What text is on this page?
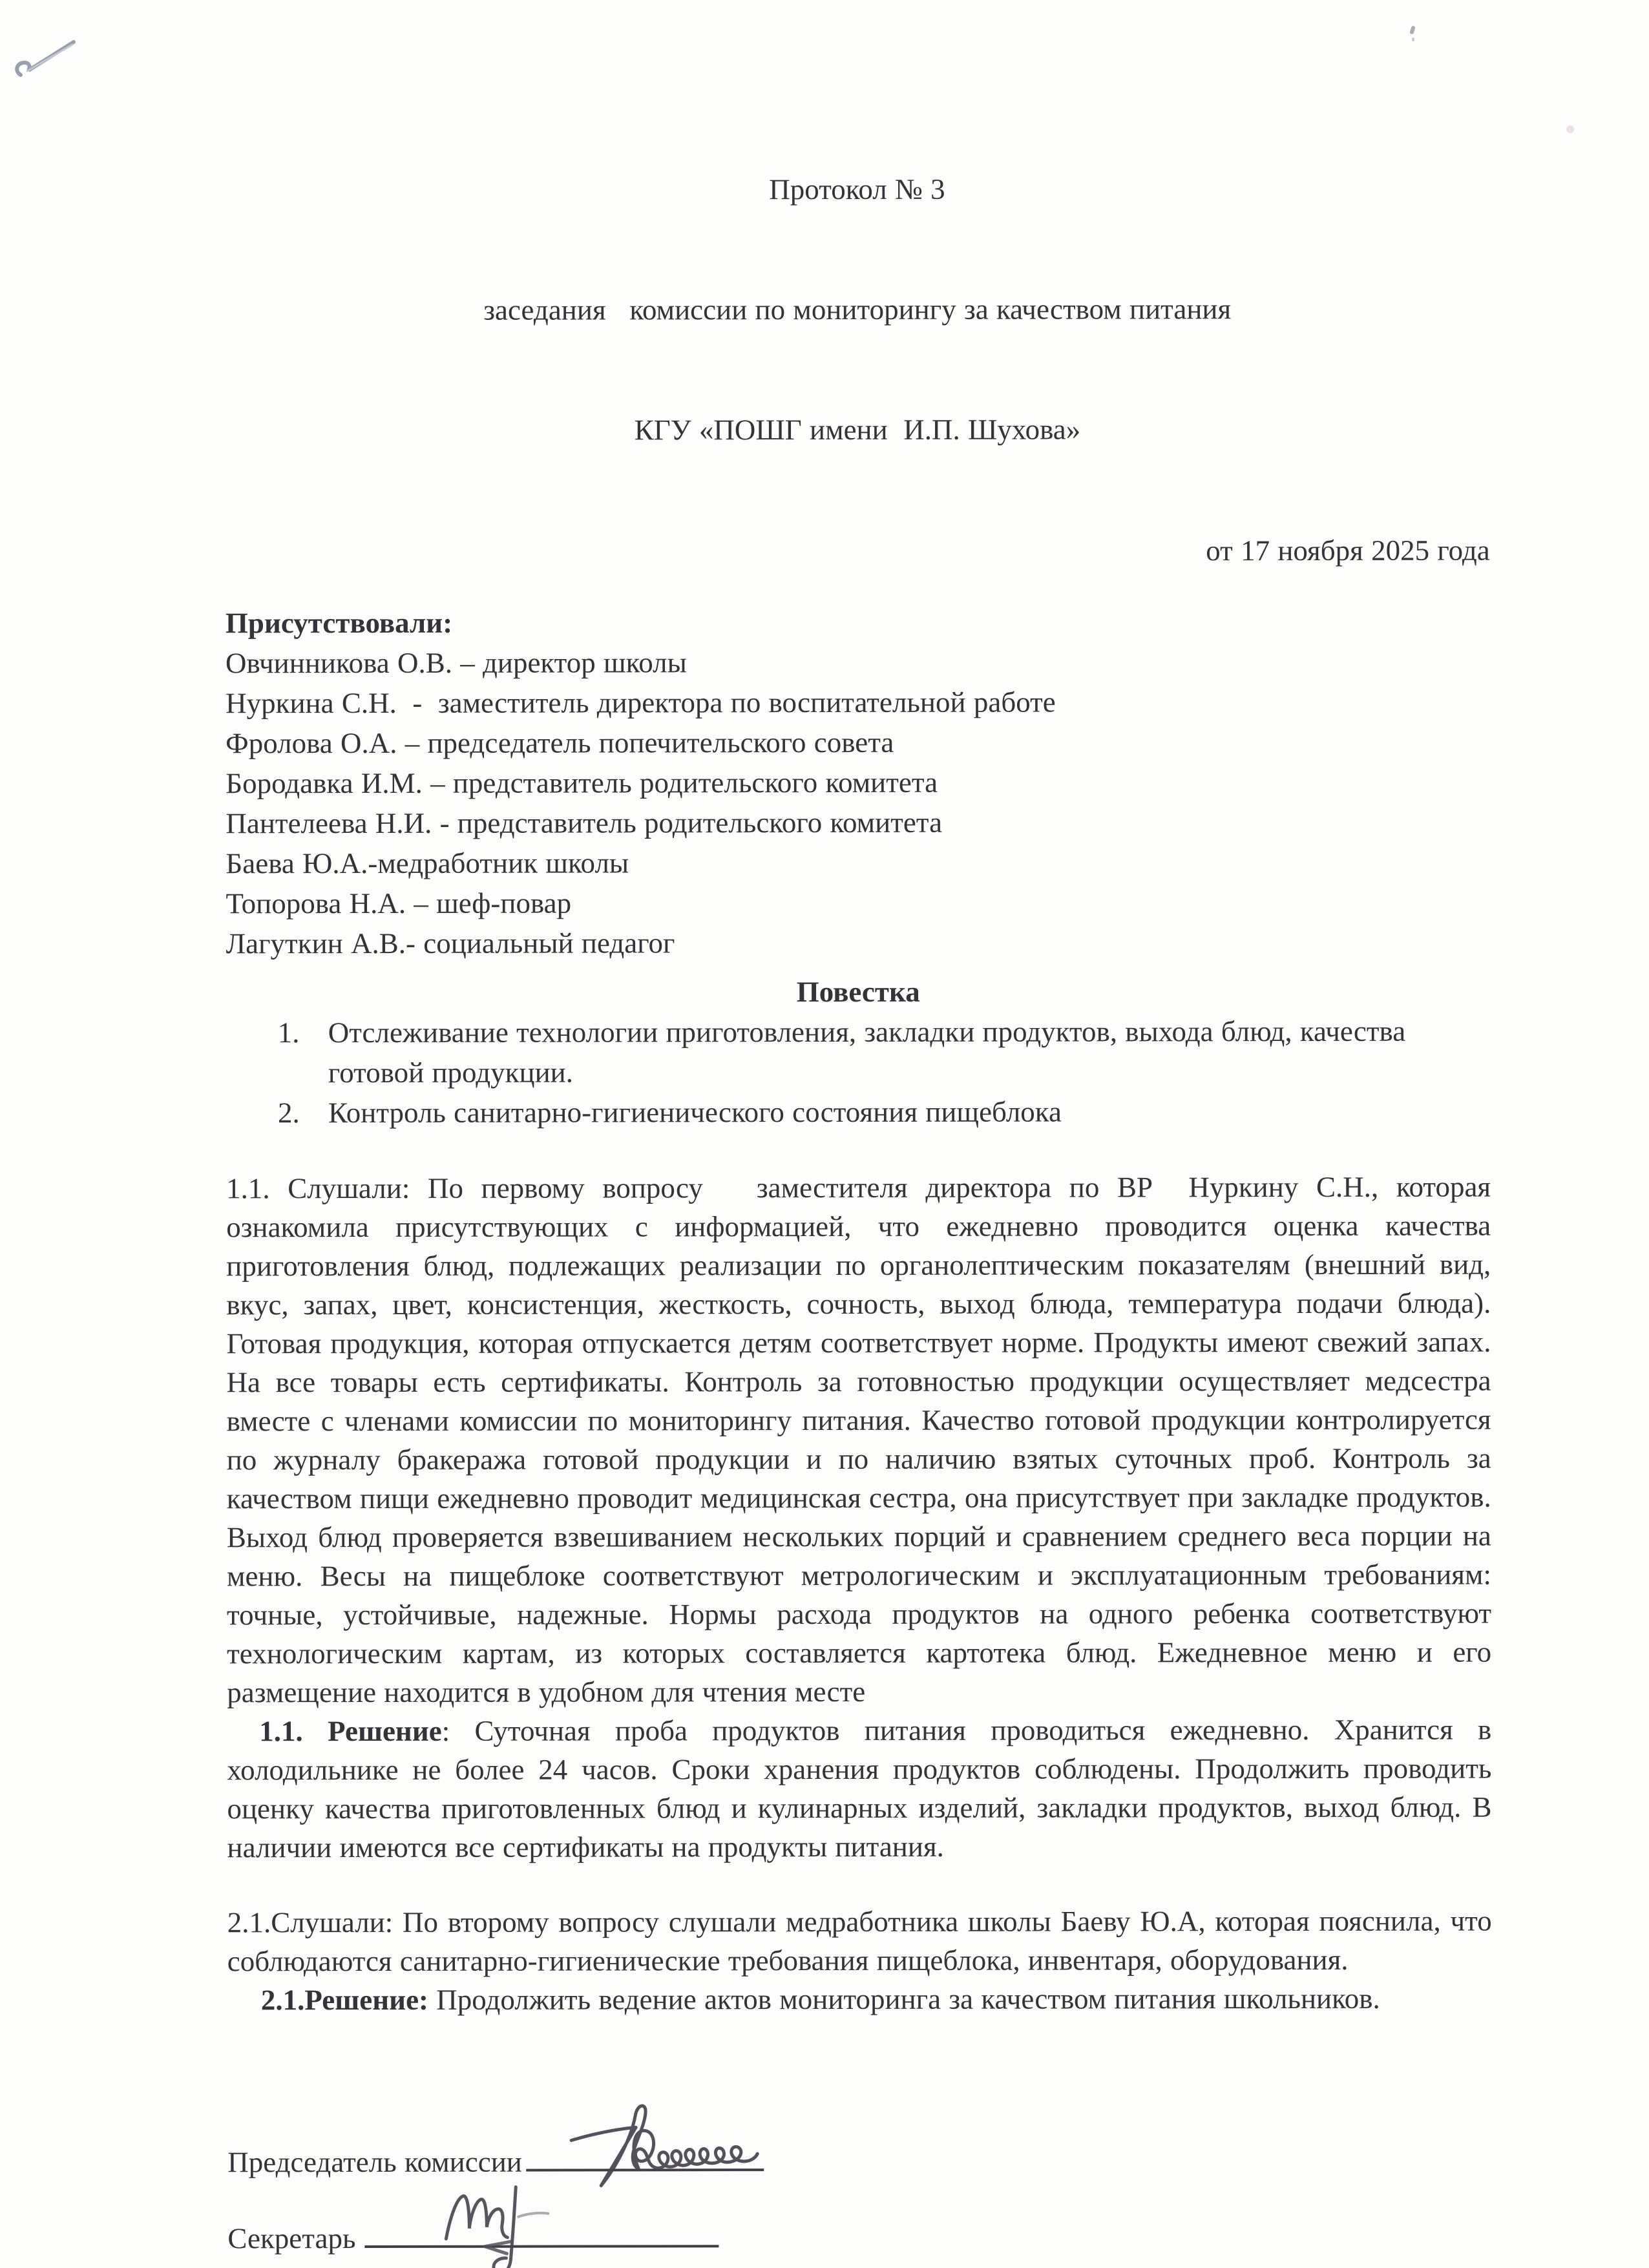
Протокол № 3

заседания   комиссии по мониторингу за качеством питания

КГУ «ПОШГ имени  И.П. Шухова»

от 17 ноября 2025 года

Присутствовали:

Овчинникова О.В. – директор школы

Нуркина С.Н.  -  заместитель директора по воспитательной работе

Фролова О.А. – председатель попечительского совета

Бородавка И.М. – представитель родительского комитета

Пантелеева Н.И. - представитель родительского комитета

Баева Ю.А.-медработник школы

Топорова Н.А. – шеф-повар

Лагуткин А.В.- социальный педагог

Повестка
1. Отслеживание технологии приготовления, закладки продуктов, выхода блюд, качества готовой продукции.
2. Контроль санитарно-гигиенического состояния пищеблока

1.1. Слушали: По первому вопросу   заместителя директора по ВР  Нуркину С.Н., которая ознакомила присутствующих с информацией, что ежедневно проводится оценка качества приготовления блюд, подлежащих реализации по органолептическим показателям (внешний вид, вкус, запах, цвет, консистенция, жесткость, сочность, выход блюда, температура подачи блюда). Готовая продукция, которая отпускается детям соответствует норме. Продукты имеют свежий запах. На все товары есть сертификаты. Контроль за готовностью продукции осуществляет медсестра вместе с членами комиссии по мониторингу питания. Качество готовой продукции контролируется по журналу бракеража готовой продукции и по наличию взятых суточных проб. Контроль за качеством пищи ежедневно проводит медицинская сестра, она присутствует при закладке продуктов. Выход блюд проверяется взвешиванием нескольких порций и сравнением среднего веса порции на меню. Весы на пищеблоке соответствуют метрологическим и эксплуатационным требованиям: точные, устойчивые, надежные. Нормы расхода продуктов на одного ребенка соответствуют технологическим картам, из которых составляется картотека блюд. Ежедневное меню и его размещение находится в удобном для чтения месте

1.1. Решение: Суточная проба продуктов питания проводиться ежедневно. Хранится в холодильнике не более 24 часов. Сроки хранения продуктов соблюдены. Продолжить проводить оценку качества приготовленных блюд и кулинарных изделий, закладки продуктов, выход блюд. В наличии имеются все сертификаты на продукты питания.

2.1.Слушали: По второму вопросу слушали медработника школы Баеву Ю.А, которая пояснила, что соблюдаются санитарно-гигиенические требования пищеблока, инвентаря, оборудования.

2.1.Решение: Продолжить ведение актов мониторинга за качеством питания школьников.

Председатель комиссии
Секретарь
